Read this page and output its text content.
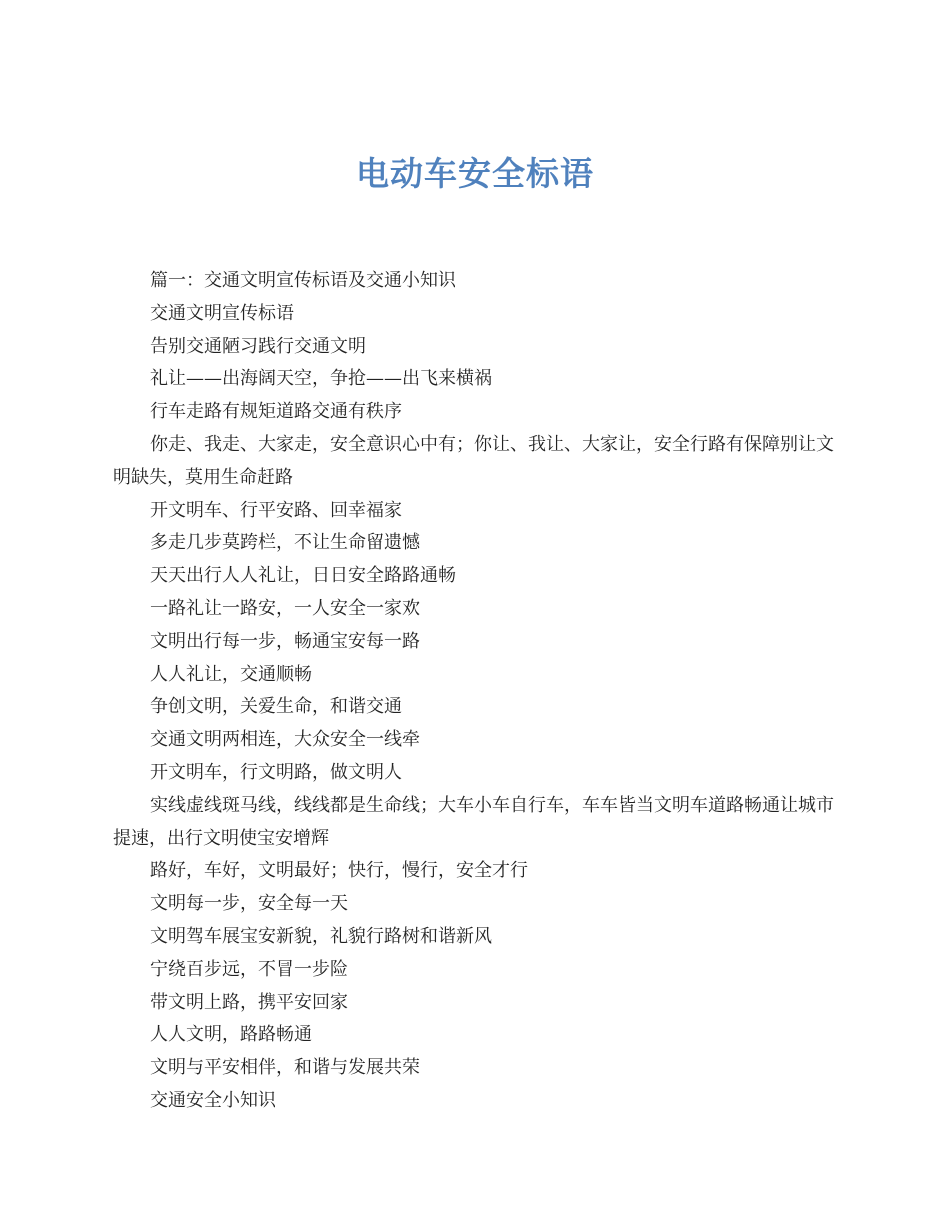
电动车安全标语

篇一：交通文明宣传标语及交通小知识

交通文明宣传标语

告别交通陋习践行交通文明

礼让——出海阔天空，争抢——出飞来横祸

行车走路有规矩道路交通有秩序

你走、我走、大家走，安全意识心中有；你让、我让、大家让，安全行路有保障别让文明缺失，莫用生命赶路

开文明车、行平安路、回幸福家

多走几步莫跨栏，不让生命留遗憾

天天出行人人礼让，日日安全路路通畅

一路礼让一路安，一人安全一家欢

文明出行每一步，畅通宝安每一路

人人礼让，交通顺畅

争创文明，关爱生命，和谐交通

交通文明两相连，大众安全一线牵

开文明车，行文明路，做文明人

实线虚线斑马线，线线都是生命线；大车小车自行车，车车皆当文明车道路畅通让城市提速，出行文明使宝安增辉

路好，车好，文明最好；快行，慢行，安全才行

文明每一步，安全每一天

文明驾车展宝安新貌，礼貌行路树和谐新风

宁绕百步远，不冒一步险

带文明上路，携平安回家

人人文明，路路畅通

文明与平安相伴，和谐与发展共荣

交通安全小知识
